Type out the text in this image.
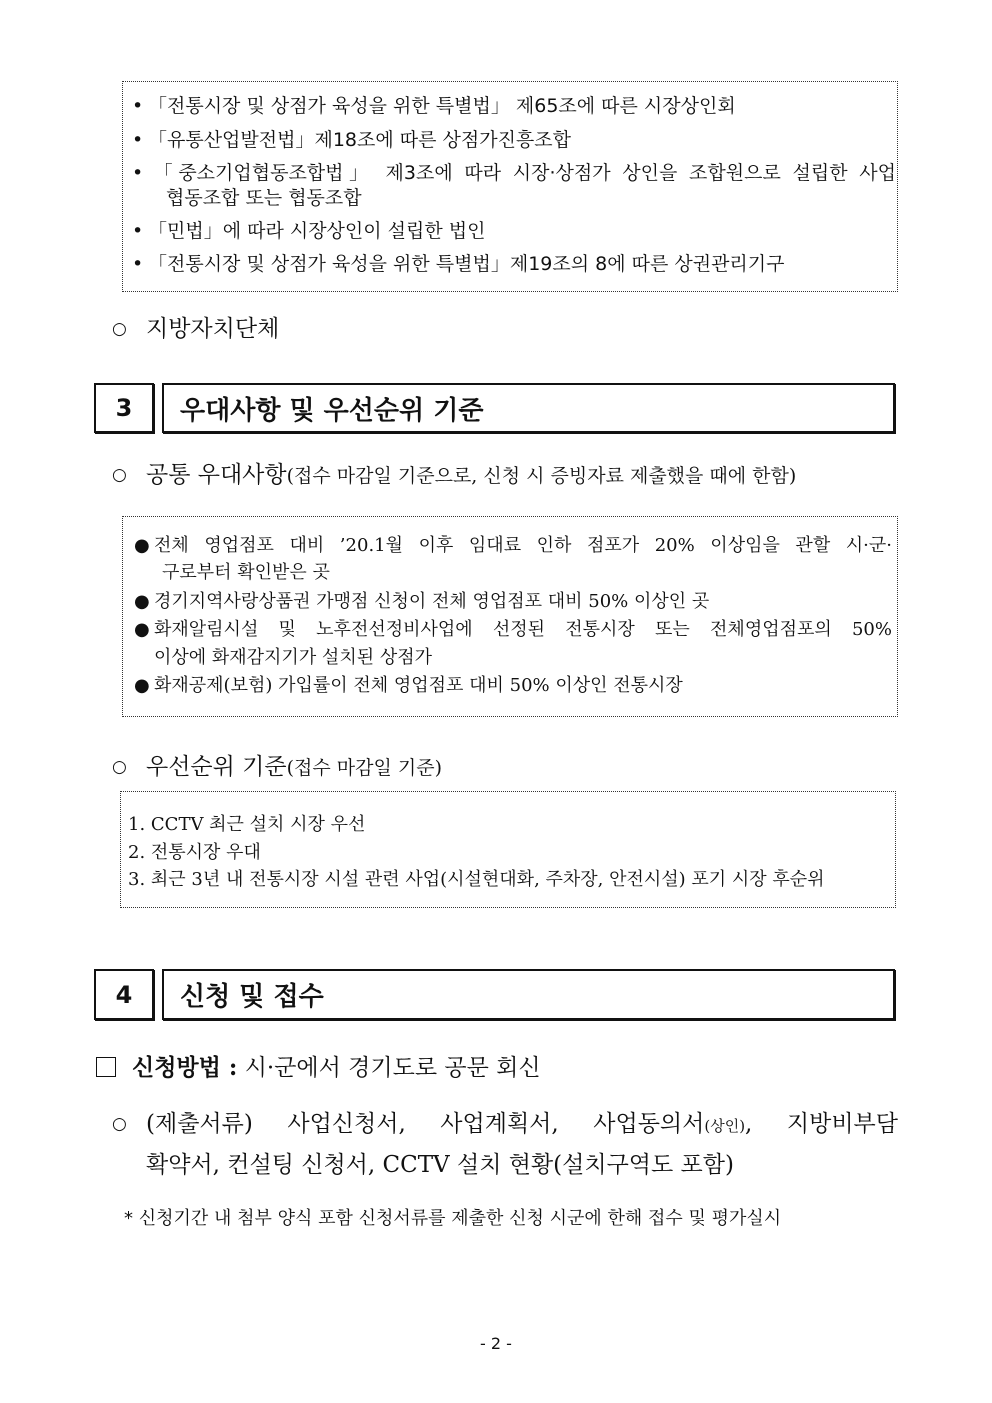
• 「전통시장 및 상점가 육성을 위한 특별법」 제65조에 따른 시장상인회
• 「유통산업발전법」제18조에 따른 상점가진흥조합
• 「중소기업협동조합법」 제3조에 따라 시장·상점가 상인을 조합원으로 설립한 사업
협동조합 또는 협동조합
• 「민법」에 따라 시장상인이 설립한 법인
• 「전통시장 및 상점가 육성을 위한 특별법」제19조의 8에 따른 상권관리기구
○ 지방자치단체
3	우대사항 및 우선순위 기준
○ 공통 우대사항(접수 마감일 기준으로, 신청 시 증빙자료 제출했을 때에 한함)
● 전체 영업점포 대비 ’20.1월 이후 임대료 인하 점포가 20% 이상임을 관할 시·군·
구로부터 확인받은 곳
● 경기지역사랑상품권 가맹점 신청이 전체 영업점포 대비 50% 이상인 곳
● 화재알림시설 및 노후전선정비사업에 선정된 전통시장 또는 전체영업점포의 50%
이상에 화재감지기가 설치된 상점가
● 화재공제(보험) 가입률이 전체 영업점포 대비 50% 이상인 전통시장
○ 우선순위 기준(접수 마감일 기준)
1. CCTV 최근 설치 시장 우선
2. 전통시장 우대
3. 최근 3년 내 전통시장 시설 관련 사업(시설현대화, 주차장, 안전시설) 포기 시장 후순위
4	신청 및 접수
신청방법 : 시·군에서 경기도로 공문 회신
○ (제출서류) 사업신청서, 사업계획서, 사업동의서(상인), 지방비부담
확약서, 컨설팅 신청서, CCTV 설치 현황(설치구역도 포함)
* 신청기간 내 첨부 양식 포함 신청서류를 제출한 신청 시군에 한해 접수 및 평가실시
- 2 -
